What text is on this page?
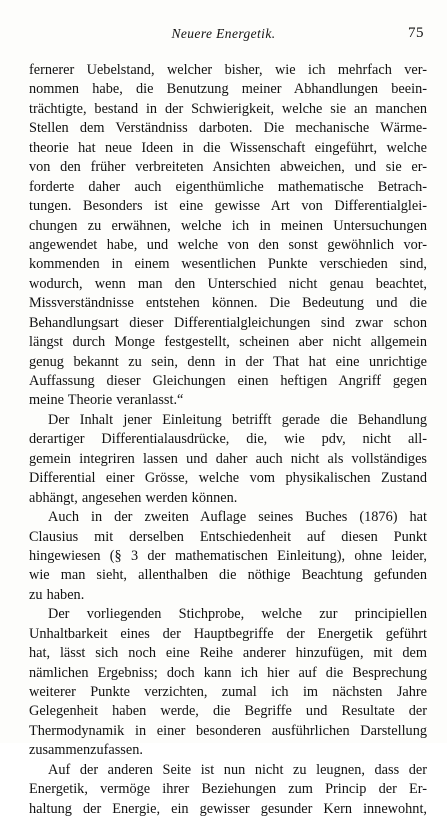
Neuere Energetik.	75
fernerer Uebelstand, welcher bisher, wie ich mehrfach ver-
nommen habe, die Benutzung meiner Abhandlungen beein-
trächtigte, bestand in der Schwierigkeit, welche sie an manchen
Stellen dem Verständniss darboten. Die mechanische Wärme-
theorie hat neue Ideen in die Wissenschaft eingeführt, welche
von den früher verbreiteten Ansichten abweichen, und sie er-
forderte daher auch eigenthümliche mathematische Betrach-
tungen. Besonders ist eine gewisse Art von Differentialglei-
chungen zu erwähnen, welche ich in meinen Untersuchungen
angewendet habe, und welche von den sonst gewöhnlich vor-
kommenden in einem wesentlichen Punkte verschieden sind,
wodurch, wenn man den Unterschied nicht genau beachtet,
Missverständnisse entstehen können. Die Bedeutung und die
Behandlungsart dieser Differentialgleichungen sind zwar schon
längst durch Monge festgestellt, scheinen aber nicht allgemein
genug bekannt zu sein, denn in der That hat eine unrichtige
Auffassung dieser Gleichungen einen heftigen Angriff gegen
meine Theorie veranlasst.“
Der Inhalt jener Einleitung betrifft gerade die Behandlung
derartiger Differentialausdrücke, die, wie pdv, nicht all-
gemein integriren lassen und daher auch nicht als vollständiges
Differential einer Grösse, welche vom physikalischen Zustand
abhängt, angesehen werden können.
Auch in der zweiten Auflage seines Buches (1876) hat
Clausius mit derselben Entschiedenheit auf diesen Punkt
hingewiesen (§ 3 der mathematischen Einleitung), ohne leider,
wie man sieht, allenthalben die nöthige Beachtung gefunden
zu haben.
Der vorliegenden Stichprobe, welche zur principiellen
Unhaltbarkeit eines der Hauptbegriffe der Energetik geführt
hat, lässt sich noch eine Reihe anderer hinzufügen, mit dem
nämlichen Ergebniss; doch kann ich hier auf die Besprechung
weiterer Punkte verzichten, zumal ich im nächsten Jahre
Gelegenheit haben werde, die Begriffe und Resultate der
Thermodynamik in einer besonderen ausführlichen Darstellung
zusammenzufassen.
Auf der anderen Seite ist nun nicht zu leugnen, dass der
Energetik, vermöge ihrer Beziehungen zum Princip der Er-
haltung der Energie, ein gewisser gesunder Kern innewohnt,
